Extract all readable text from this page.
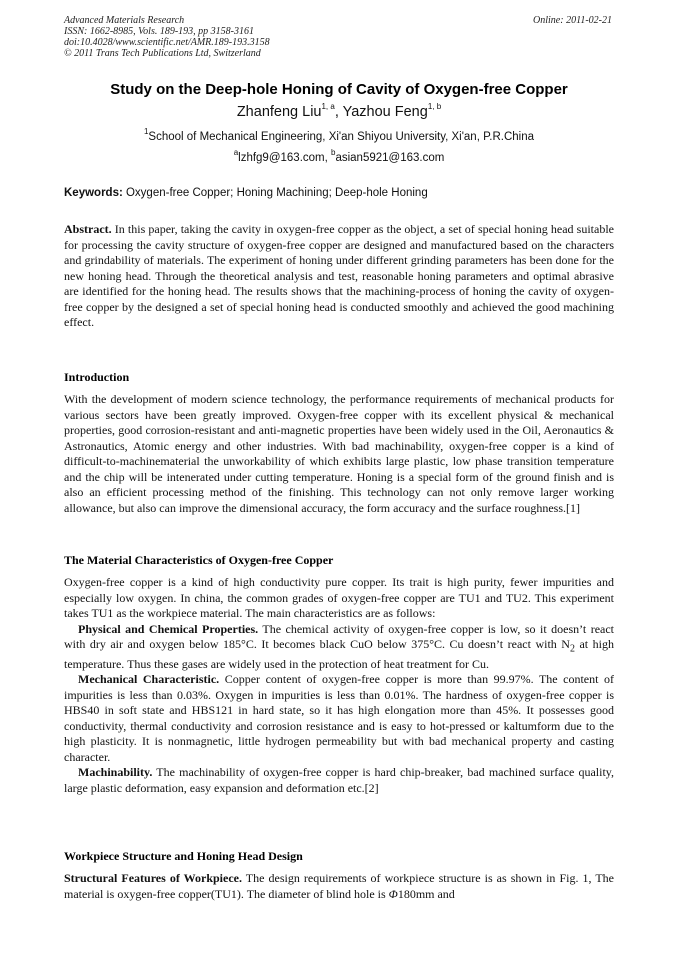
Advanced Materials Research
ISSN: 1662-8985, Vols. 189-193, pp 3158-3161
doi:10.4028/www.scientific.net/AMR.189-193.3158
© 2011 Trans Tech Publications Ltd, Switzerland
Online: 2011-02-21
Study on the Deep-hole Honing of Cavity of Oxygen-free Copper
Zhanfeng Liu$^{1, a}$, Yazhou Feng$^{1, b}$
$^1$School of Mechanical Engineering, Xi'an Shiyou University, Xi'an, P.R.China
$^a$lzhfg9@163.com, $^b$asian5921@163.com
Keywords: Oxygen-free Copper; Honing Machining; Deep-hole Honing
Abstract. In this paper, taking the cavity in oxygen-free copper as the object, a set of special honing head suitable for processing the cavity structure of oxygen-free copper are designed and manufactured based on the characters and grindability of materials. The experiment of honing under different grinding parameters has been done for the new honing head. Through the theoretical analysis and test, reasonable honing parameters and optimal abrasive are identified for the honing head. The results shows that the machining-process of honing the cavity of oxygen-free copper by the designed a set of special honing head is conducted smoothly and achieved the good machining effect.
Introduction
With the development of modern science technology, the performance requirements of mechanical products for various sectors have been greatly improved. Oxygen-free copper with its excellent physical & mechanical properties, good corrosion-resistant and anti-magnetic properties have been widely used in the Oil, Aeronautics & Astronautics, Atomic energy and other industries. With bad machinability, oxygen-free copper is a kind of difficult-to-machinematerial the unworkability of which exhibits large plastic, low phase transition temperature and the chip will be intenerated under cutting temperature. Honing is a special form of the ground finish and is also an efficient processing method of the finishing. This technology can not only remove larger working allowance, but also can improve the dimensional accuracy, the form accuracy and the surface roughness.[1]
The Material Characteristics of Oxygen-free Copper

Oxygen-free copper is a kind of high conductivity pure copper. Its trait is high purity, fewer impurities and especially low oxygen. In china, the common grades of oxygen-free copper are TU1 and TU2. This experiment takes TU1 as the workpiece material. The main characteristics are as follows:

Physical and Chemical Properties. The chemical activity of oxygen-free copper is low, so it doesn’t react with dry air and oxygen below 185°C. It becomes black CuO below 375°C. Cu doesn’t react with $N_2$ at high temperature. Thus these gases are widely used in the protection of heat treatment for Cu.

Mechanical Characteristic. Copper content of oxygen-free copper is more than 99.97%. The content of impurities is less than 0.03%. Oxygen in impurities is less than 0.01%. The hardness of oxygen-free copper is HBS40 in soft state and HBS121 in hard state, so it has high elongation more than 45%. It possesses good conductivity, thermal conductivity and corrosion resistance and is easy to hot-pressed or kaltumform due to the high plasticity. It is nonmagnetic, little hydrogen permeability but with bad mechanical property and casting character.

Machinability. The machinability of oxygen-free copper is hard chip-breaker, bad machined surface quality, large plastic deformation, easy expansion and deformation etc.[2]

Workpiece Structure and Honing Head Design
Structural Features of Workpiece. The design requirements of workpiece structure is as shown in Fig. 1, The material is oxygen-free copper(TU1). The diameter of blind hole is Φ180mm and
